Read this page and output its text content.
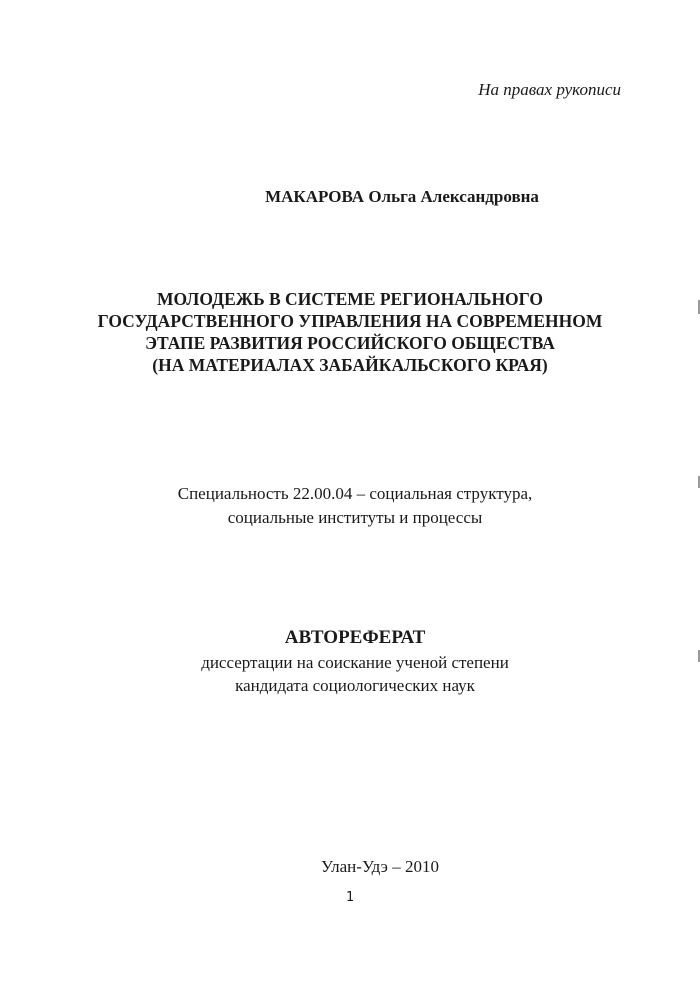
На правах рукописи
МАКАРОВА Ольга Александровна
МОЛОДЕЖЬ В СИСТЕМЕ РЕГИОНАЛЬНОГО
ГОСУДАРСТВЕННОГО УПРАВЛЕНИЯ НА СОВРЕМЕННОМ
ЭТАПЕ РАЗВИТИЯ РОССИЙСКОГО ОБЩЕСТВА
(НА МАТЕРИАЛАХ ЗАБАЙКАЛЬСКОГО КРАЯ)
Специальность 22.00.04 – социальная структура,
социальные институты и процессы
АВТОРЕФЕРАТ
диссертации на соискание ученой степени
кандидата социологических наук
Улан-Удэ – 2010
1
